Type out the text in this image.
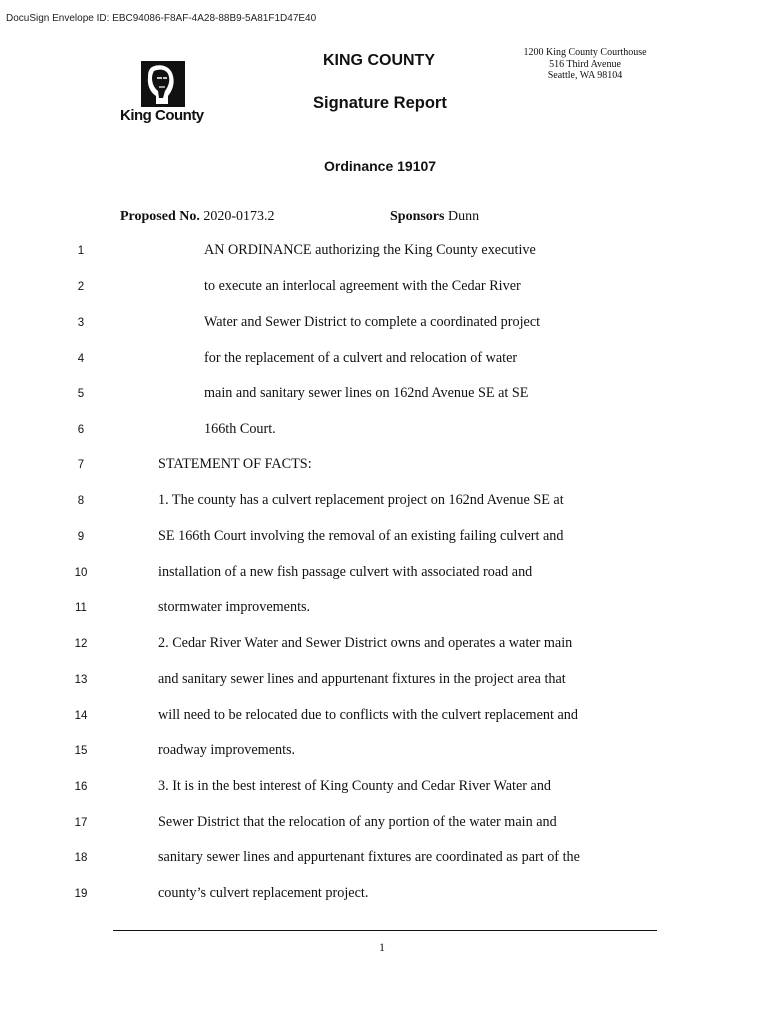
DocuSign Envelope ID: EBC94086-F8AF-4A28-88B9-5A81F1D47E40
King County
KING COUNTY
Signature Report
1200 King County Courthouse
516 Third Avenue
Seattle, WA 98104
Ordinance 19107
Proposed No. 2020-0173.2	Sponsors Dunn
1	AN ORDINANCE authorizing the King County executive
2	to execute an interlocal agreement with the Cedar River
3	Water and Sewer District to complete a coordinated project
4	for the replacement of a culvert and relocation of water
5	main and sanitary sewer lines on 162nd Avenue SE at SE
6	166th Court.
7	STATEMENT OF FACTS:
8	1. The county has a culvert replacement project on 162nd Avenue SE at
9	SE 166th Court involving the removal of an existing failing culvert and
10	installation of a new fish passage culvert with associated road and
11	stormwater improvements.
12	2. Cedar River Water and Sewer District owns and operates a water main
13	and sanitary sewer lines and appurtenant fixtures in the project area that
14	will need to be relocated due to conflicts with the culvert replacement and
15	roadway improvements.
16	3. It is in the best interest of King County and Cedar River Water and
17	Sewer District that the relocation of any portion of the water main and
18	sanitary sewer lines and appurtenant fixtures are coordinated as part of the
19	county’s culvert replacement project.
1
